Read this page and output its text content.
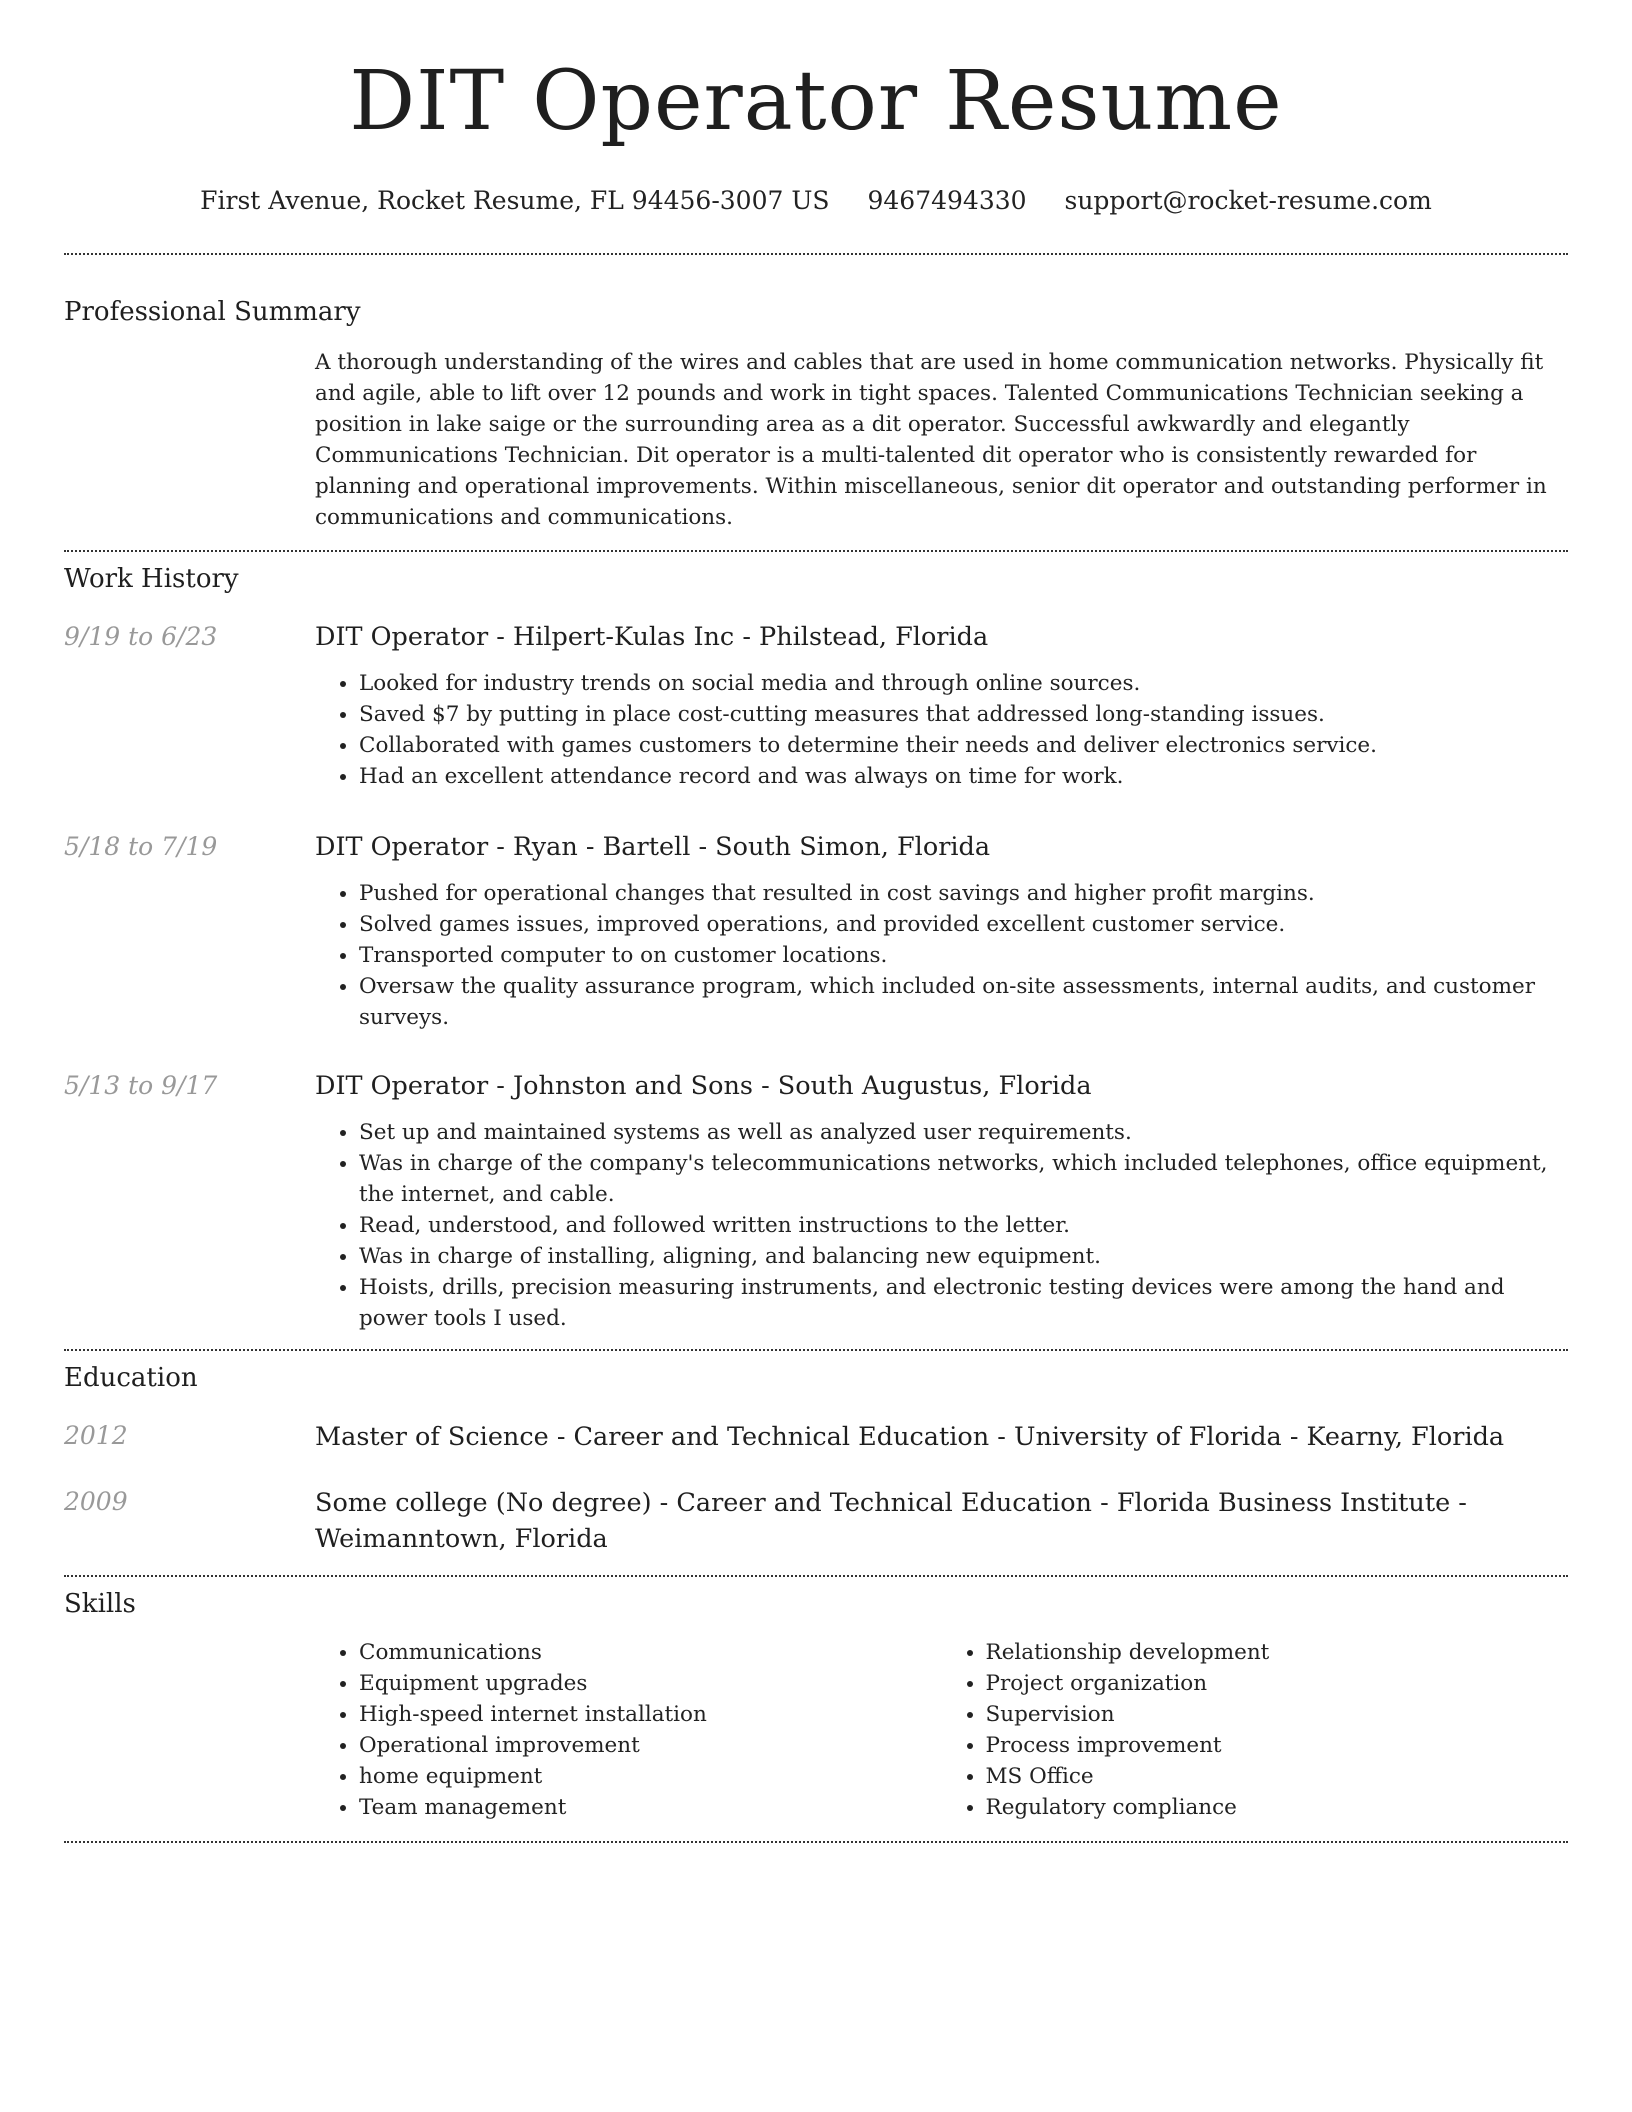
DIT Operator Resume
First Avenue, Rocket Resume, FL 94456-3007 US 9467494330 support@rocket-resume.com
Professional Summary
A thorough understanding of the wires and cables that are used in home communication networks. Physically fit and agile, able to lift over 12 pounds and work in tight spaces. Talented Communications Technician seeking a position in lake saige or the surrounding area as a dit operator. Successful awkwardly and elegantly Communications Technician. Dit operator is a multi-talented dit operator who is consistently rewarded for planning and operational improvements. Within miscellaneous, senior dit operator and outstanding performer in communications and communications.
Work History
9/19 to 6/23	DIT Operator - Hilpert-Kulas Inc - Philstead, Florida
• Looked for industry trends on social media and through online sources.
• Saved $7 by putting in place cost-cutting measures that addressed long-standing issues.
• Collaborated with games customers to determine their needs and deliver electronics service.
• Had an excellent attendance record and was always on time for work.
5/18 to 7/19	DIT Operator - Ryan - Bartell - South Simon, Florida
• Pushed for operational changes that resulted in cost savings and higher profit margins.
• Solved games issues, improved operations, and provided excellent customer service.
• Transported computer to on customer locations.
• Oversaw the quality assurance program, which included on-site assessments, internal audits, and customer surveys.
5/13 to 9/17	DIT Operator - Johnston and Sons - South Augustus, Florida
• Set up and maintained systems as well as analyzed user requirements.
• Was in charge of the company's telecommunications networks, which included telephones, office equipment, the internet, and cable.
• Read, understood, and followed written instructions to the letter.
• Was in charge of installing, aligning, and balancing new equipment.
• Hoists, drills, precision measuring instruments, and electronic testing devices were among the hand and power tools I used.
Education
2012	Master of Science - Career and Technical Education - University of Florida - Kearny, Florida
2009	Some college (No degree) - Career and Technical Education - Florida Business Institute - Weimanntown, Florida
Skills
• Communications
• Equipment upgrades
• High-speed internet installation
• Operational improvement
• home equipment
• Team management
• Relationship development
• Project organization
• Supervision
• Process improvement
• MS Office
• Regulatory compliance
